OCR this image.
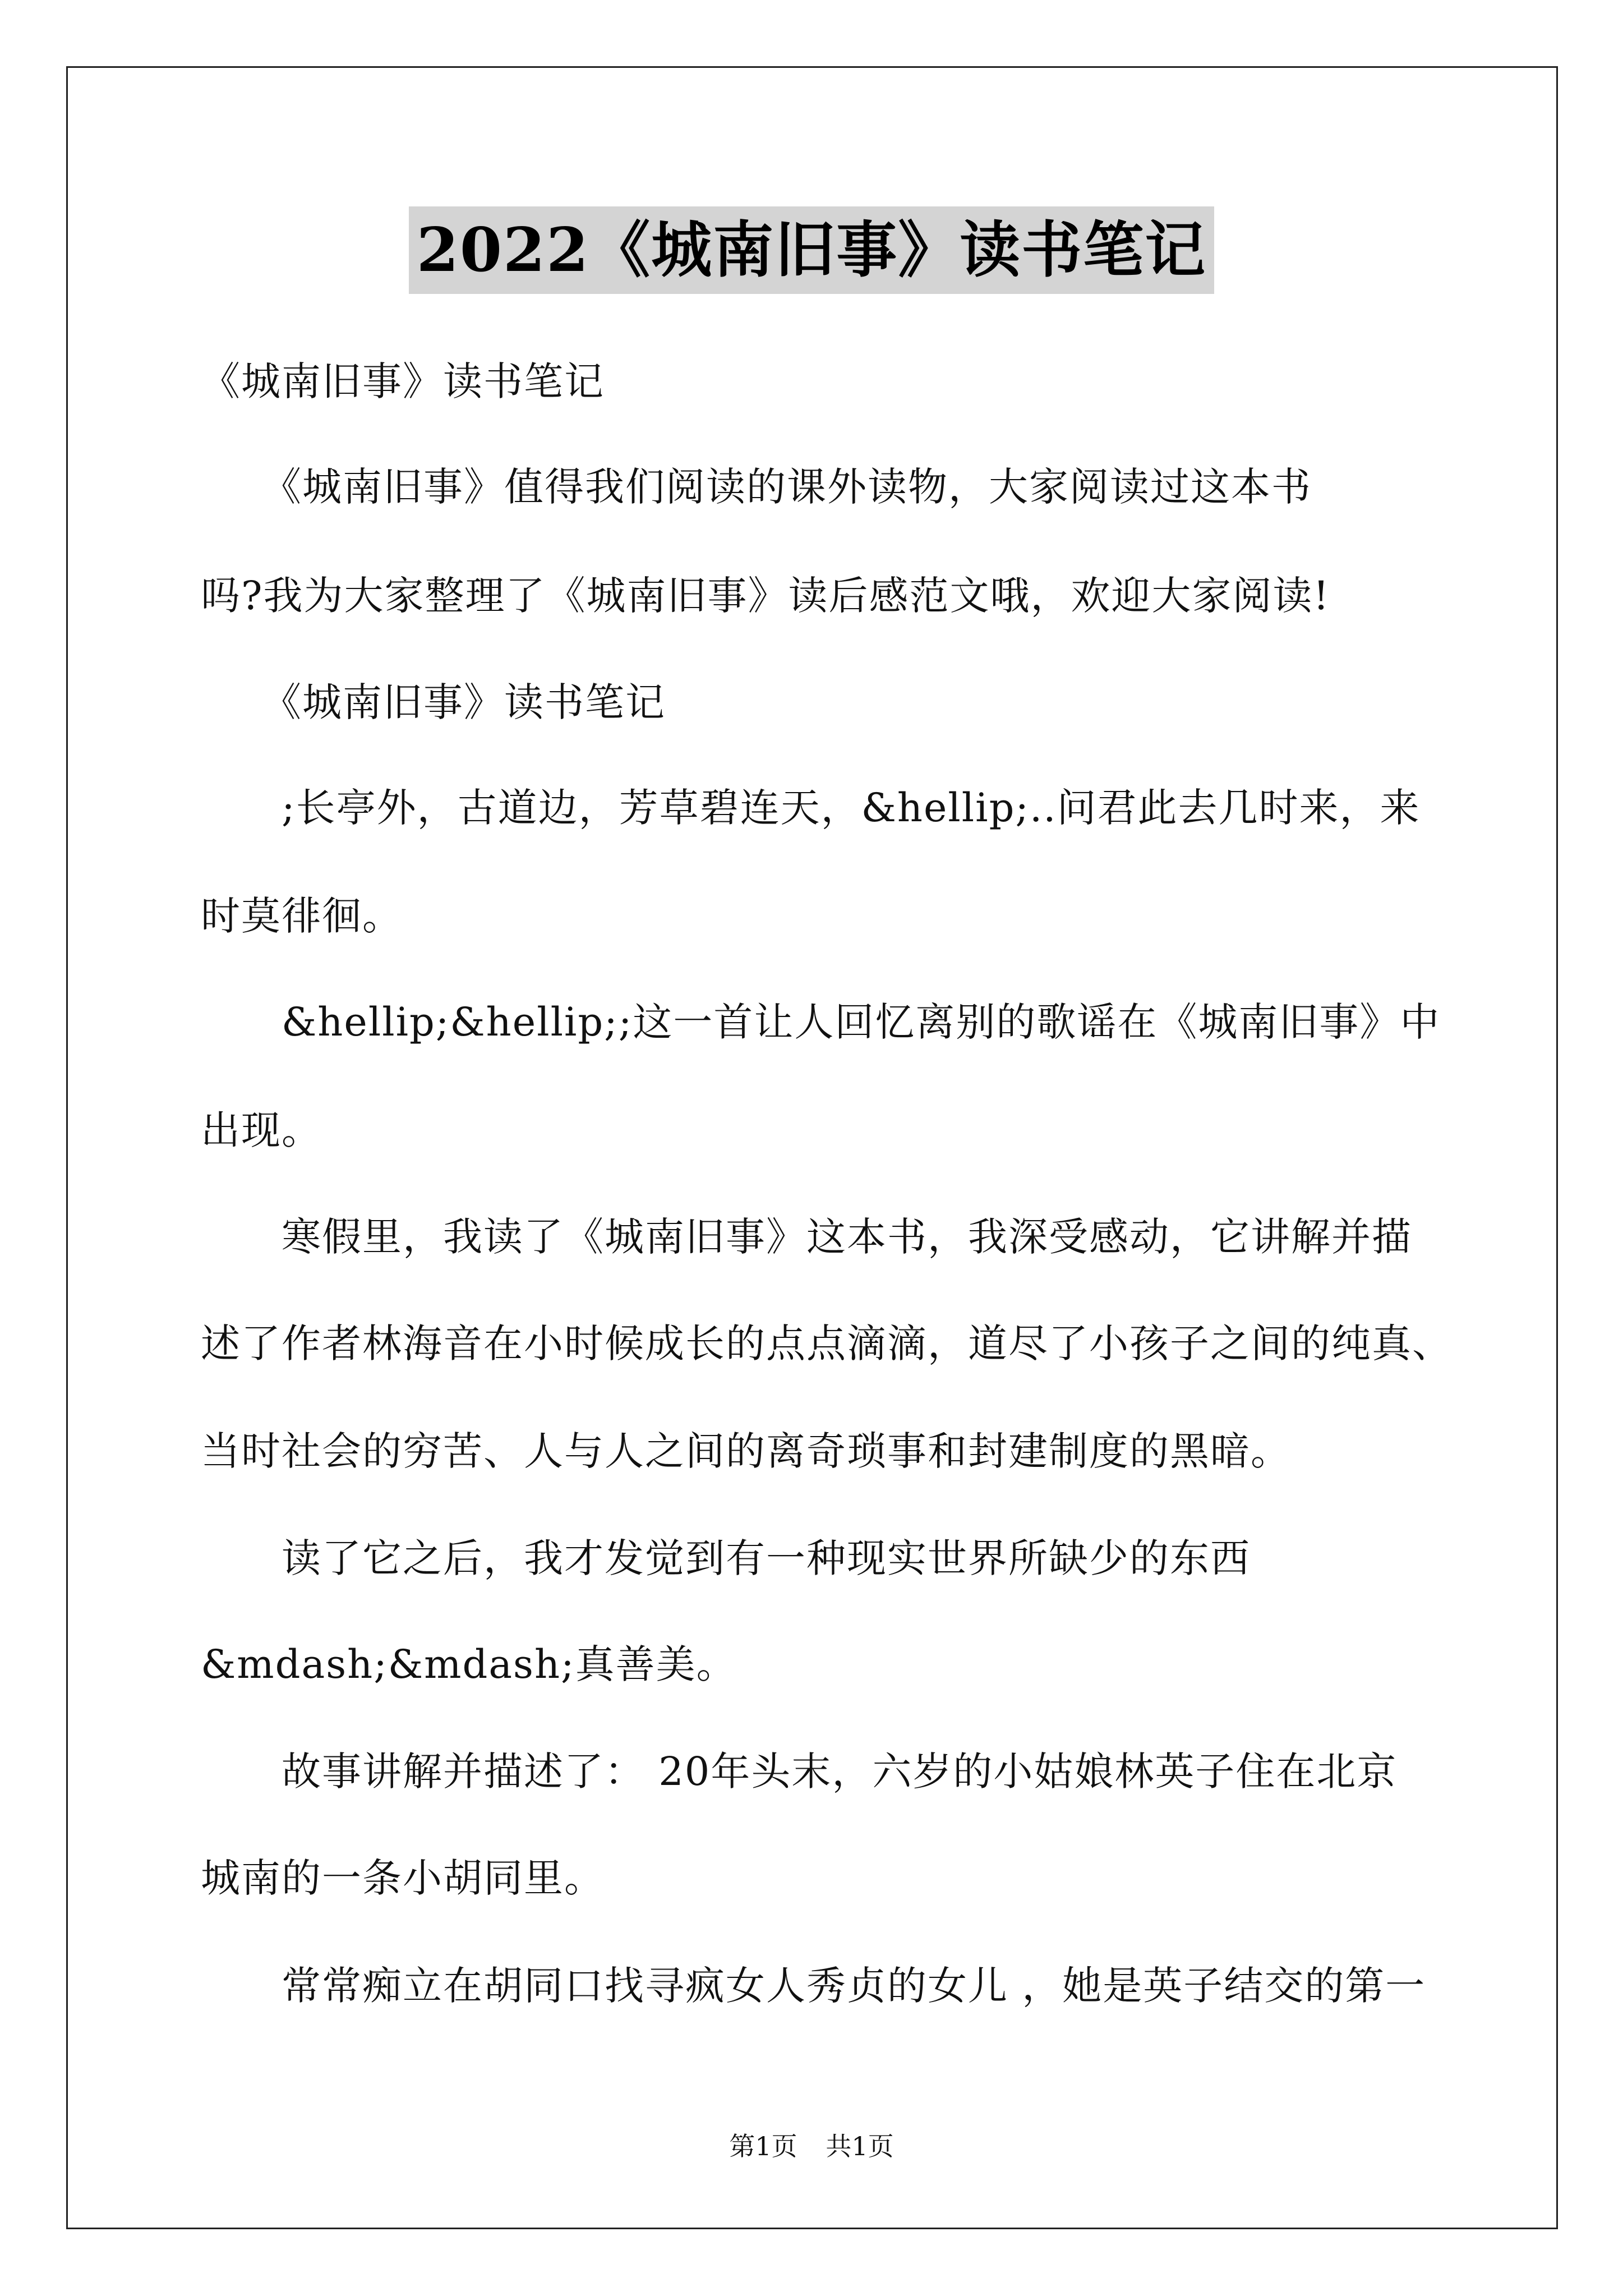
2022《城南旧事》读书笔记

《城南旧事》读书笔记

　　《城南旧事》值得我们阅读的课外读物，大家阅读过这本书

吗?我为大家整理了《城南旧事》读后感范文哦，欢迎大家阅读!

　　《城南旧事》读书笔记

　　;长亭外，古道边，芳草碧连天，&hellip;..问君此去几时来，来

时莫徘徊。

　　&hellip;&hellip;;这一首让人回忆离别的歌谣在《城南旧事》中

出现。

　　寒假里，我读了《城南旧事》这本书，我深受感动，它讲解并描

述了作者林海音在小时候成长的点点滴滴，道尽了小孩子之间的纯真、

当时社会的穷苦、人与人之间的离奇琐事和封建制度的黑暗。

　　读了它之后，我才发觉到有一种现实世界所缺少的东西

&mdash;&mdash;真善美。

　　故事讲解并描述了： 20年头末，六岁的小姑娘林英子住在北京

城南的一条小胡同里。

　　常常痴立在胡同口找寻疯女人秀贞的女儿 ，她是英子结交的第一

第1页 共1页
